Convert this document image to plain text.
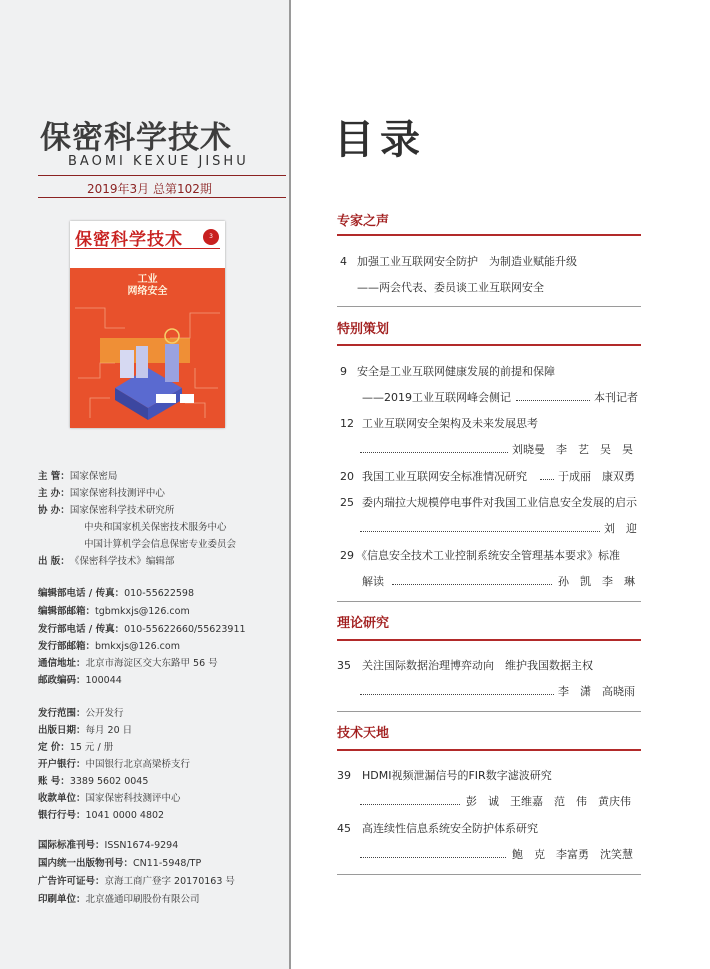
保密科学技术
BAOMI KEXUE JISHU
2019年3月 总第102期
保密科学技术	3
工业
网络安全
主 管：国家保密局
主 办：国家保密科技测评中心
协 办：国家保密科学技术研究所
中央和国家机关保密技术服务中心
中国计算机学会信息保密专业委员会
出 版：《保密科学技术》编辑部
编辑部电话 / 传真：010-55622598
编辑部邮箱：tgbmkxjs@126.com
发行部电话 / 传真：010-55622660/55623911
发行部邮箱：bmkxjs@126.com
通信地址：北京市海淀区交大东路甲 56 号
邮政编码：100044
发行范围：公开发行
出版日期：每月 20 日
定 价：15 元 / 册
开户银行：中国银行北京高梁桥支行
账 号：3389 5602 0045
收款单位：国家保密科技测评中心
银行行号：1041 0000 4802
国际标准刊号：ISSN1674-9294
国内统一出版物刊号：CN11-5948/TP
广告许可证号：京海工商广登字 20170163 号
印刷单位：北京盛通印刷股份有限公司
目录
专家之声
4 加强工业互联网安全防护　为制造业赋能升级
——两会代表、委员谈工业互联网安全
特别策划
9 安全是工业互联网健康发展的前提和保障
——2019工业互联网峰会侧记	本刊记者
12 工业互联网安全架构及未来发展思考
刘晓曼　李　艺　吴　昊
20 我国工业互联网安全标准情况研究	于成丽　康双勇
25 委内瑞拉大规模停电事件对我国工业信息安全发展的启示
刘　迎
29 《信息安全技术工业控制系统安全管理基本要求》标准
解读	孙　凯　李　琳
理论研究
35 关注国际数据治理博弈动向　维护我国数据主权
李　潇　高晓雨
技术天地
39 HDMI视频泄漏信号的FIR数字滤波研究
彭　诚　王维嘉　范　伟　黄庆伟
45 高连续性信息系统安全防护体系研究
鲍　克　李富勇　沈笑慧
